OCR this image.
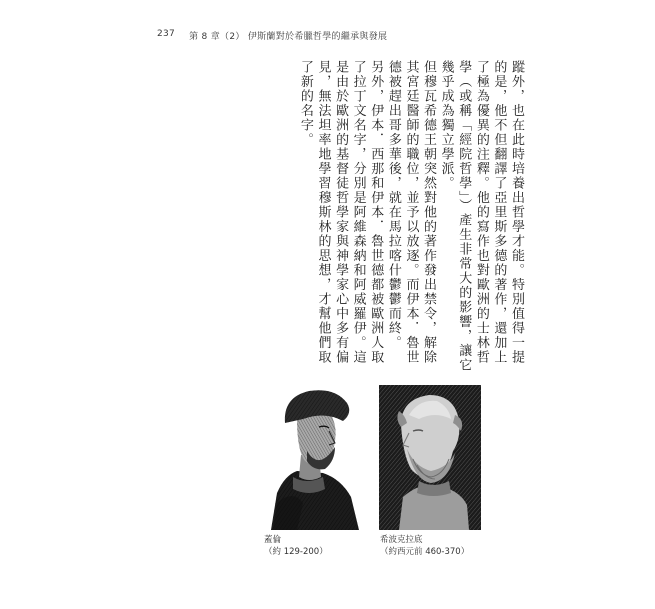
237 第 8 章（2） 伊斯蘭對於希臘哲學的繼承與發展

蹤外，也在此時培養出哲學才能。特別值得一提的是，他不但翻譯了亞里斯多德的著作，還加上了極為優異的注釋。他的寫作也對歐洲的士林哲學（或稱「經院哲學」）產生非常大的影響，讓它幾乎成為獨立學派。

但穆瓦希德王朝突然對他的著作發出禁令，解除其宮廷醫師的職位，並予以放逐。而伊本．魯世德被趕出哥多華後，就在馬拉喀什鬱鬱而終。

另外，伊本．西那和伊本．魯世德都被歐洲人取了拉丁文名字，分別是阿維森納和阿威羅伊。這是由於歐洲的基督徒哲學家與神學家心中多有偏見，無法坦率地學習穆斯林的思想，才幫他們取了新的名字。

蓋倫
（約 129-200）
希波克拉底
（約西元前 460-370）
